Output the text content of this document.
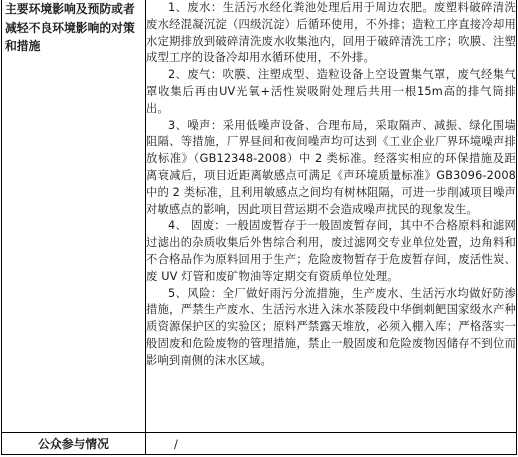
主要环境影响及预防或者减轻不良环境影响的对策和措施	1、废水：生活污水经化粪池处理后用于周边农肥。废塑料破碎清洗废水经混凝沉淀（四级沉淀）后循环使用，不外排；造粒工序直接冷却用水定期排放到破碎清洗废水收集池内，回用于破碎清洗工序；吹膜、注塑成型工序的设备冷却用水循环使用，不外排。

2、废气：吹膜、注塑成型、造粒设备上空设置集气罩，废气经集气罩收集后再由UV光氧+活性炭吸附处理后共用一根15m高的排气筒排出。

3、噪声：采用低噪声设备、合理布局，采取隔声、减振、绿化围墙阻隔、等措施，厂界昼间和夜间噪声均可达到《工业企业厂界环境噪声排放标准》（GB12348-2008）中 2 类标准。经落实相应的环保措施及距离衰减后，项目近距离敏感点可满足《声环境质量标准》GB3096-2008 中的 2 类标准，且利用敏感点之间均有树林阻隔，可进一步削减项目噪声对敏感点的影响，因此项目营运期不会造成噪声扰民的现象发生。

4、 固废：一般固废暂存于一般固废暂存间，其中不合格原料和滤网过滤出的杂质收集后外售综合利用，废过滤网交专业单位处置，边角料和不合格品作为原料回用于生产；危险废物暂存于危废暂存间，废活性炭、废 UV 灯管和废矿物油等定期交有资质单位处理。

5、风险：全厂做好雨污分流措施，生产废水、生活污水均做好防渗措施，严禁生产废水、生活污水进入沫水茶陵段中华倒刺鲃国家级水产种质资源保护区的实验区；原料严禁露天堆放，必须入棚入库；严格落实一般固废和危险废物的管理措施，禁止一般固废和危险废物因储存不到位而影响到南侧的沫水区域。

公众参与情况	/
